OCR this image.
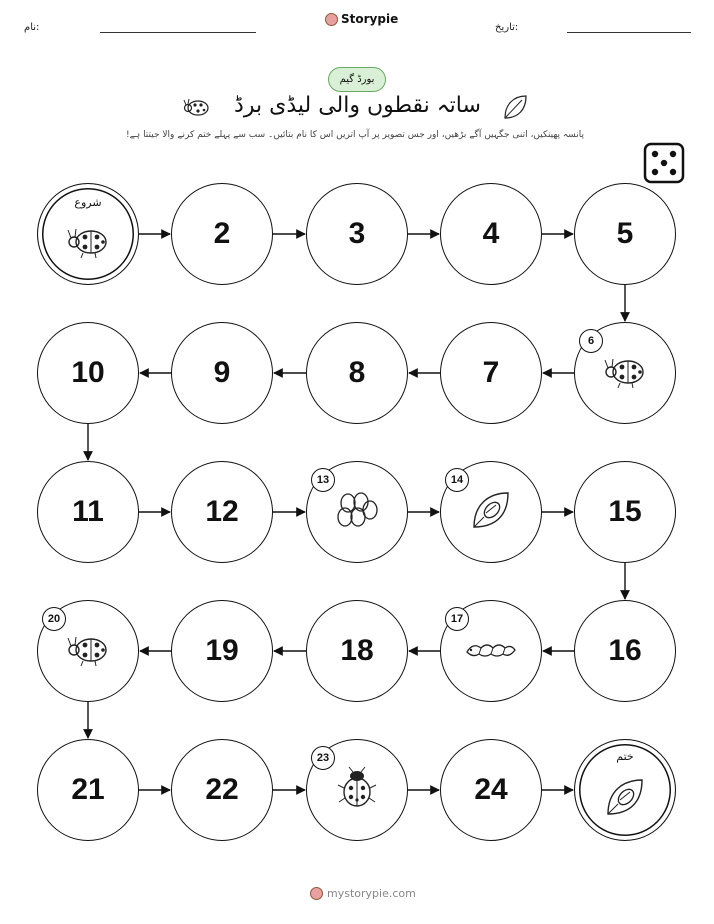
نام:
Storypie
تاریخ:
بورڈ گیم
ساتہ نقطوں والی لیڈی برڈ
پانسہ پھینکیں، اتنی جگہیں آگے بڑھیں، اور جس تصویر پر آپ اتریں اس کا نام بتائیں۔ سب سے پہلے ختم کرنے والا جیتتا ہے!
شروع
2	3	4	5
6
7
8
9
10
11	12
13	14
15
16
17
18
19
20
21	22
23
24
ختم
mystorypie.com
